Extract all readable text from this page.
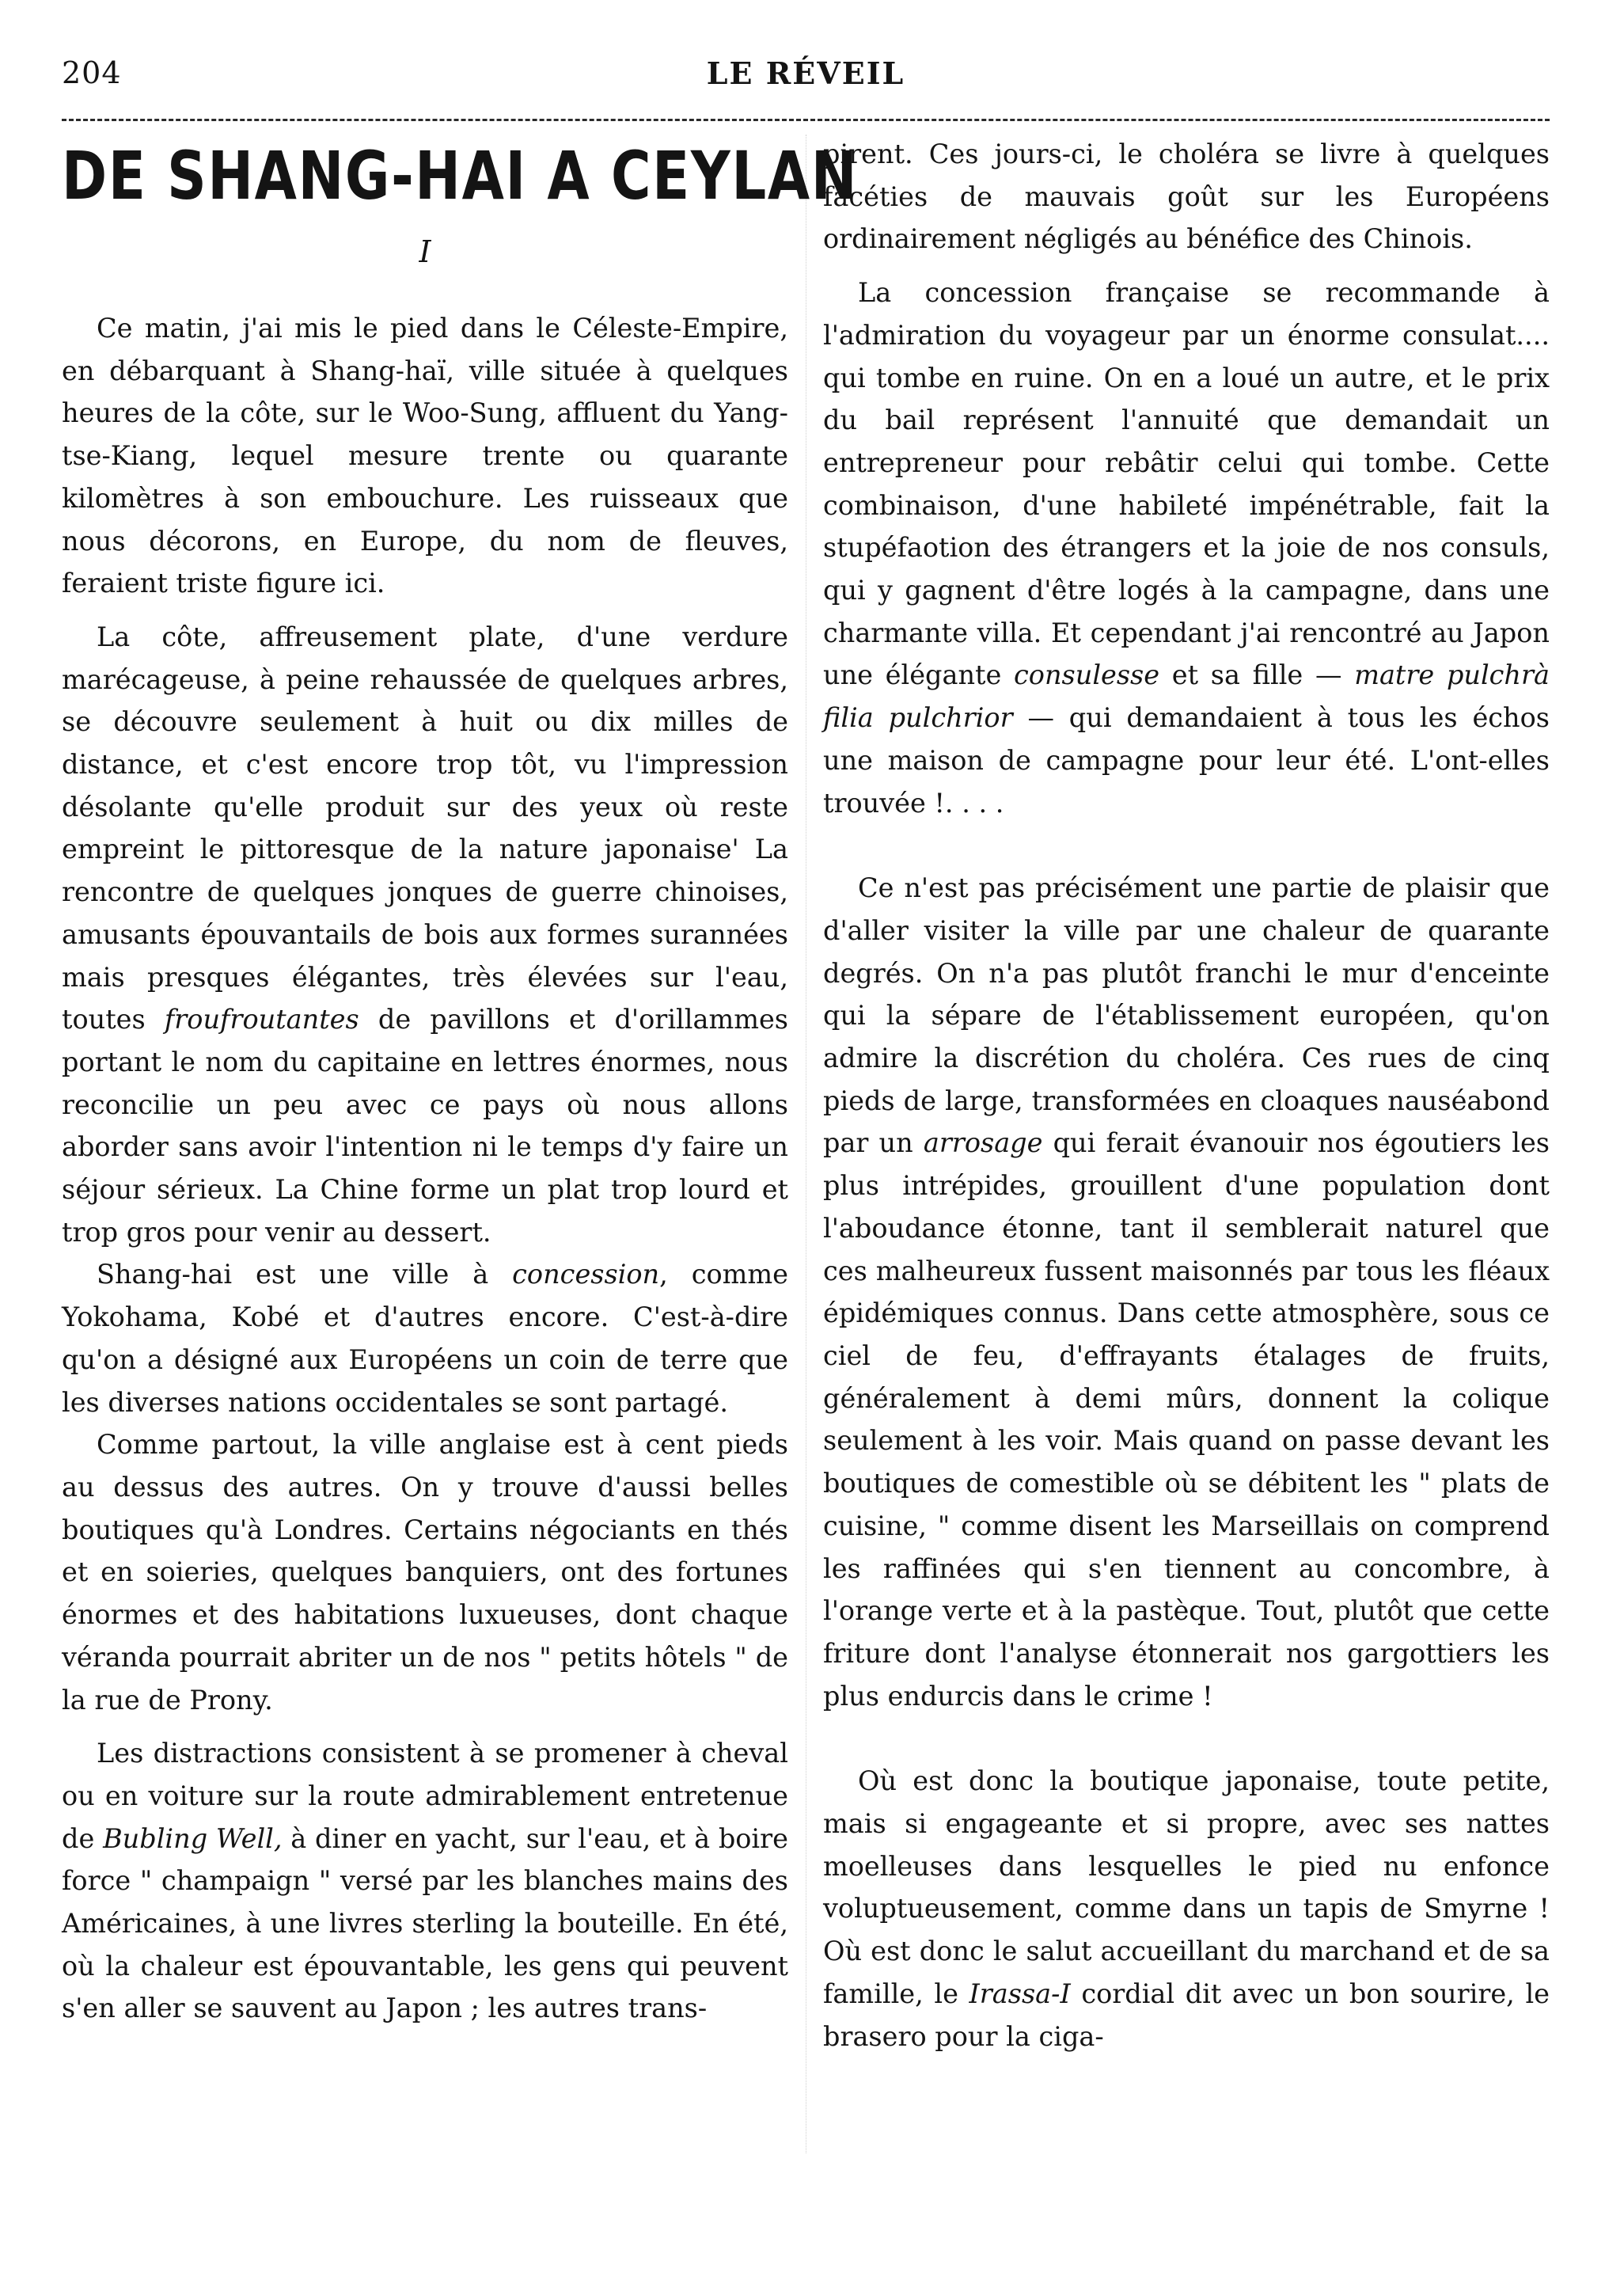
204	LE RÉVEIL
DE SHANG-HAI A CEYLAN
I

Ce matin, j'ai mis le pied dans le Céleste-Empire, en débarquant à Shang-haï, ville située à quelques heures de la côte, sur le Woo-Sung, affluent du Yang-tse-Kiang, lequel mesure trente ou quarante kilomètres à son embouchure. Les ruisseaux que nous décorons, en Europe, du nom de fleuves, feraient triste figure ici.

La côte, affreusement plate, d'une verdure marécageuse, à peine rehaussée de quelques arbres, se découvre seulement à huit ou dix milles de distance, et c'est encore trop tôt, vu l'impression désolante qu'elle produit sur des yeux où reste empreint le pittoresque de la nature japonaise' La rencontre de quelques jonques de guerre chinoises, amusants épouvantails de bois aux formes surannées mais presques élégantes, très élevées sur l'eau, toutes froufroutantes de pavillons et d'orillammes portant le nom du capitaine en lettres énormes, nous reconcilie un peu avec ce pays où nous allons aborder sans avoir l'intention ni le temps d'y faire un séjour sérieux. La Chine forme un plat trop lourd et trop gros pour venir au dessert.

Shang-hai est une ville à concession, comme Yokohama, Kobé et d'autres encore. C'est-à-dire qu'on a désigné aux Européens un coin de terre que les diverses nations occidentales se sont partagé.

Comme partout, la ville anglaise est à cent pieds au dessus des autres. On y trouve d'aussi belles boutiques qu'à Londres. Certains négociants en thés et en soieries, quelques banquiers, ont des fortunes énormes et des habitations luxueuses, dont chaque véranda pourrait abriter un de nos " petits hôtels " de la rue de Prony.

Les distractions consistent à se promener à cheval ou en voiture sur la route admirablement entretenue de Bubling Well, à diner en yacht, sur l'eau, et à boire force " champaign " versé par les blanches mains des Américaines, à une livres sterling la bouteille. En été, où la chaleur est épouvantable, les gens qui peuvent s'en aller se sauvent au Japon ; les autres trans-

pirent. Ces jours-ci, le choléra se livre à quelques facéties de mauvais goût sur les Européens ordinairement négligés au bénéfice des Chinois.

La concession française se recommande à l'admiration du voyageur par un énorme consulat.... qui tombe en ruine. On en a loué un autre, et le prix du bail représent l'annuité que demandait un entrepreneur pour rebâtir celui qui tombe. Cette combinaison, d'une habileté impénétrable, fait la stupéfaotion des étrangers et la joie de nos consuls, qui y gagnent d'être logés à la campagne, dans une charmante villa. Et cependant j'ai rencontré au Japon une élégante consulesse et sa fille — matre pulchrà filia pulchrior — qui demandaient à tous les échos une maison de campagne pour leur été. L'ont-elles trouvée !. . . .

Ce n'est pas précisément une partie de plaisir que d'aller visiter la ville par une chaleur de quarante degrés. On n'a pas plutôt franchi le mur d'enceinte qui la sépare de l'établissement européen, qu'on admire la discrétion du choléra. Ces rues de cinq pieds de large, transformées en cloaques nauséabond par un arrosage qui ferait évanouir nos égoutiers les plus intrépides, grouillent d'une population dont l'aboudance étonne, tant il semblerait naturel que ces malheureux fussent maisonnés par tous les fléaux épidémiques connus. Dans cette atmosphère, sous ce ciel de feu, d'effrayants étalages de fruits, généralement à demi mûrs, donnent la colique seulement à les voir. Mais quand on passe devant les boutiques de comestible où se débitent les " plats de cuisine, " comme disent les Marseillais on comprend les raffinées qui s'en tiennent au concombre, à l'orange verte et à la pastèque. Tout, plutôt que cette friture dont l'analyse étonnerait nos gargottiers les plus endurcis dans le crime !

Où est donc la boutique japonaise, toute petite, mais si engageante et si propre, avec ses nattes moelleuses dans lesquelles le pied nu enfonce voluptueusement, comme dans un tapis de Smyrne ! Où est donc le salut accueillant du marchand et de sa famille, le Irassa-I cordial dit avec un bon sourire, le brasero pour la ciga-
